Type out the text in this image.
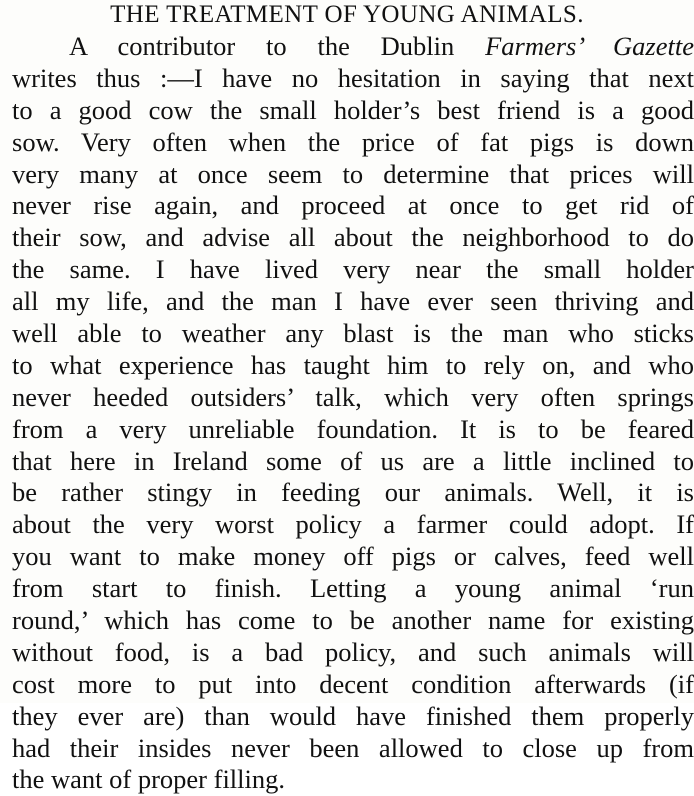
THE TREATMENT OF YOUNG ANIMALS.
A contributor to the Dublin Farmers’ Gazette
writes thus :—I have no hesitation in saying that next
to a good cow the small holder’s best friend is a good
sow. Very often when the price of fat pigs is down
very many at once seem to determine that prices will
never rise again, and proceed at once to get rid of
their sow, and advise all about the neighborhood to do
the same. I have lived very near the small holder
all my life, and the man I have ever seen thriving and
well able to weather any blast is the man who sticks
to what experience has taught him to rely on, and who
never heeded outsiders’ talk, which very often springs
from a very unreliable foundation. It is to be feared
that here in Ireland some of us are a little inclined to
be rather stingy in feeding our animals. Well, it is
about the very worst policy a farmer could adopt. If
you want to make money off pigs or calves, feed well
from start to finish. Letting a young animal ‘run
round,’ which has come to be another name for existing
without food, is a bad policy, and such animals will
cost more to put into decent condition afterwards (if
they ever are) than would have finished them properly
had their insides never been allowed to close up from
the want of proper filling.
